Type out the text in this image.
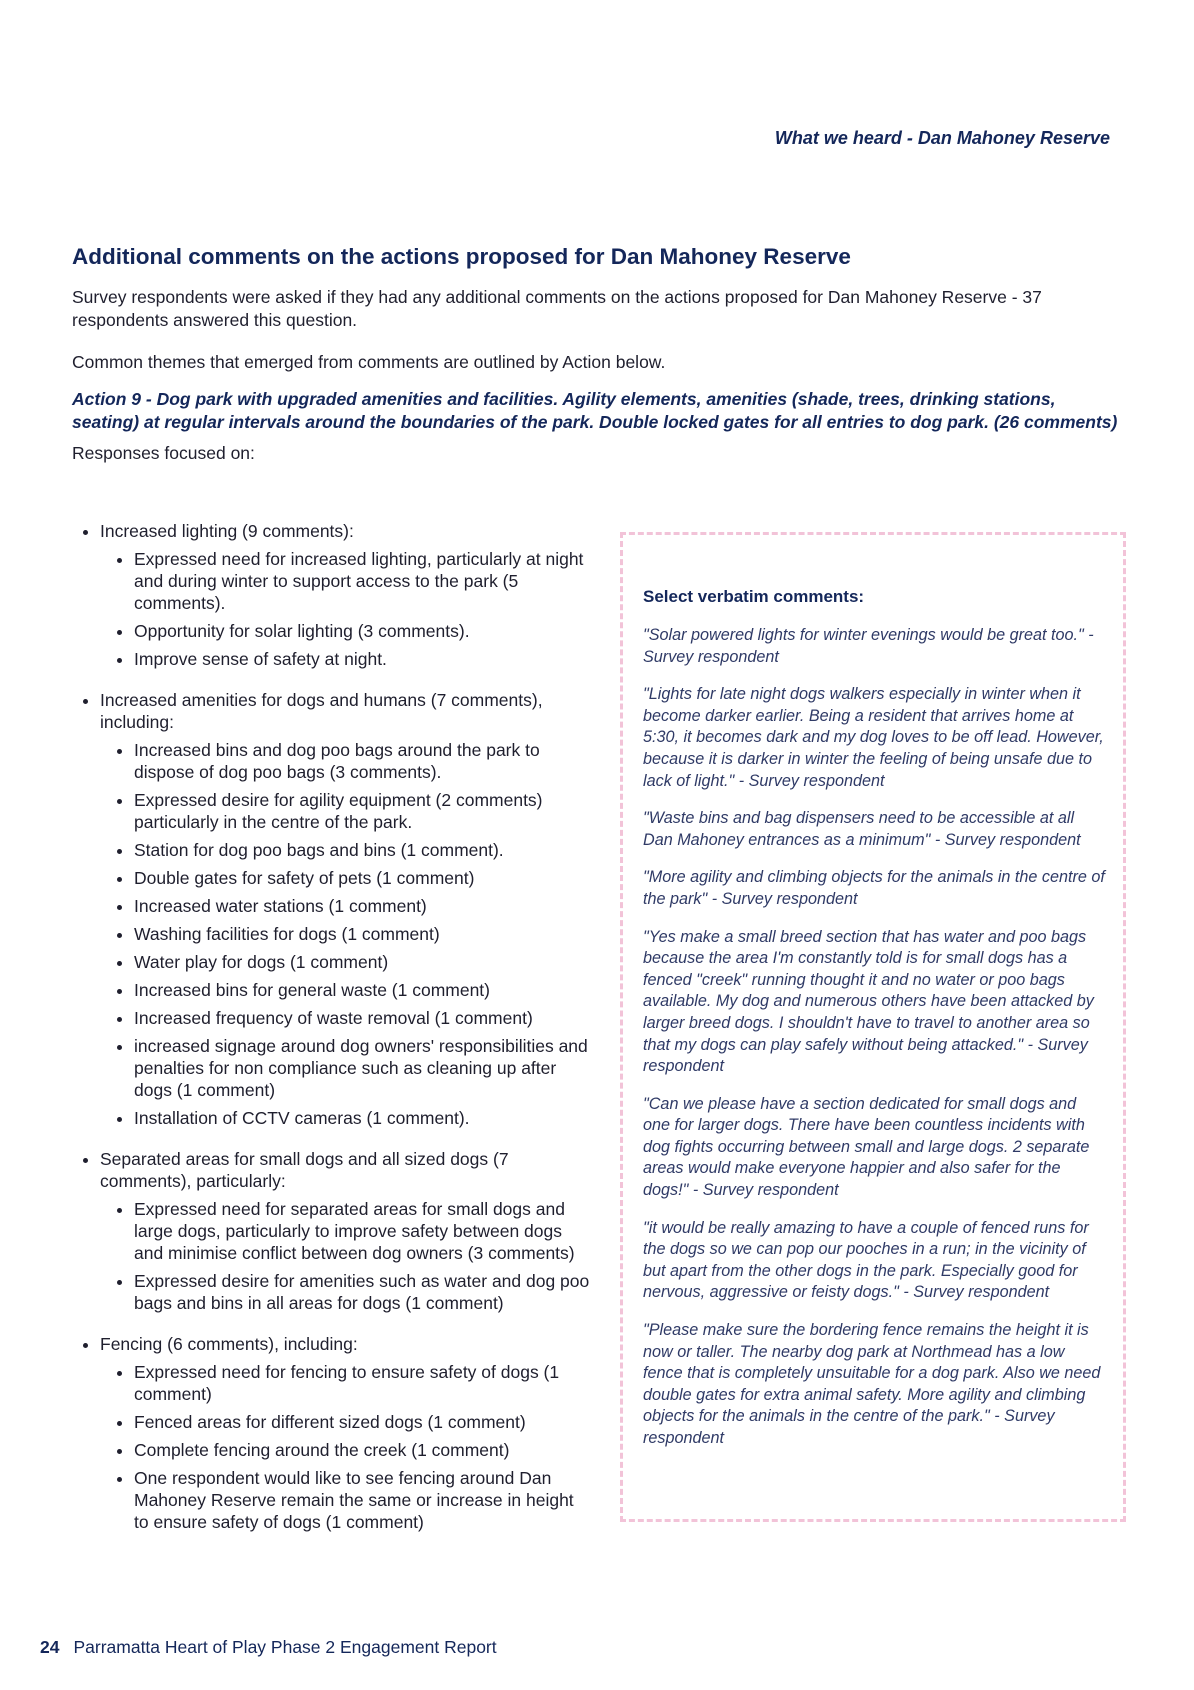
What we heard - Dan Mahoney Reserve

Additional comments on the actions proposed for Dan Mahoney Reserve

Survey respondents were asked if they had any additional comments on the actions proposed for Dan Mahoney Reserve - 37 respondents answered this question.

Common themes that emerged from comments are outlined by Action below.

Action 9 - Dog park with upgraded amenities and facilities. Agility elements, amenities (shade, trees, drinking stations, seating) at regular intervals around the boundaries of the park. Double locked gates for all entries to dog park. (26 comments)

Responses focused on:

• Increased lighting (9 comments):
• Expressed need for increased lighting, particularly at night and during winter to support access to the park (5 comments).
• Opportunity for solar lighting (3 comments).
• Improve sense of safety at night.
• Increased amenities for dogs and humans (7 comments), including:
• Increased bins and dog poo bags around the park to dispose of dog poo bags (3 comments).
• Expressed desire for agility equipment (2 comments) particularly in the centre of the park.
• Station for dog poo bags and bins (1 comment).
• Double gates for safety of pets (1 comment)
• Increased water stations (1 comment)
• Washing facilities for dogs (1 comment)
• Water play for dogs (1 comment)
• Increased bins for general waste (1 comment)
• Increased frequency of waste removal (1 comment)
• increased signage around dog owners' responsibilities and penalties for non compliance such as cleaning up after dogs (1 comment)
• Installation of CCTV cameras (1 comment).
• Separated areas for small dogs and all sized dogs (7 comments), particularly:
• Expressed need for separated areas for small dogs and large dogs, particularly to improve safety between dogs and minimise conflict between dog owners (3 comments)
• Expressed desire for amenities such as water and dog poo bags and bins in all areas for dogs (1 comment)
• Fencing (6 comments), including:
• Expressed need for fencing to ensure safety of dogs (1 comment)
• Fenced areas for different sized dogs (1 comment)
• Complete fencing around the creek (1 comment)
• One respondent would like to see fencing around Dan Mahoney Reserve remain the same or increase in height to ensure safety of dogs (1 comment)
Select verbatim comments:

"Solar powered lights for winter evenings would be great too." - Survey respondent

"Lights for late night dogs walkers especially in winter when it become darker earlier. Being a resident that arrives home at 5:30, it becomes dark and my dog loves to be off lead. However, because it is darker in winter the feeling of being unsafe due to lack of light." - Survey respondent

"Waste bins and bag dispensers need to be accessible at all Dan Mahoney entrances as a minimum" - Survey respondent

"More agility and climbing objects for the animals in the centre of the park" - Survey respondent

"Yes make a small breed section that has water and poo bags because the area I'm constantly told is for small dogs has a fenced "creek" running thought it and no water or poo bags available. My dog and numerous others have been attacked by larger breed dogs. I shouldn't have to travel to another area so that my dogs can play safely without being attacked." - Survey respondent

"Can we please have a section dedicated for small dogs and one for larger dogs. There have been countless incidents with dog fights occurring between small and large dogs. 2 separate areas would make everyone happier and also safer for the dogs!" - Survey respondent

"it would be really amazing to have a couple of fenced runs for the dogs so we can pop our pooches in a run; in the vicinity of but apart from the other dogs in the park. Especially good for nervous, aggressive or feisty dogs." - Survey respondent

"Please make sure the bordering fence remains the height it is now or taller. The nearby dog park at Northmead has a low fence that is completely unsuitable for a dog park. Also we need double gates for extra animal safety. More agility and climbing objects for the animals in the centre of the park." - Survey respondent

24 Parramatta Heart of Play Phase 2 Engagement Report
